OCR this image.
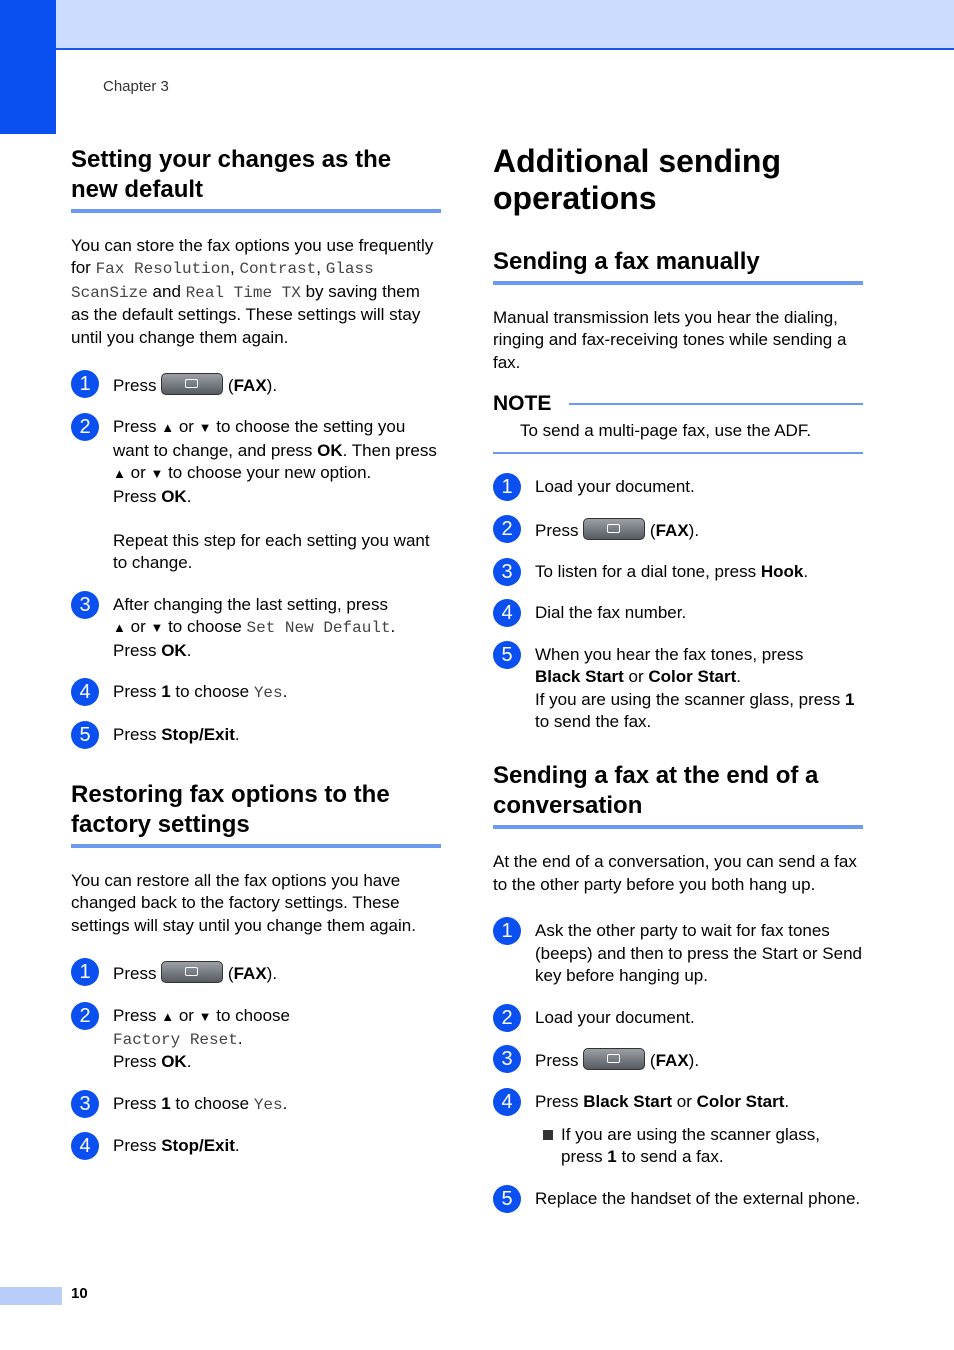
Chapter 3
Setting your changes as the new default
You can store the fax options you use frequently for Fax Resolution, Contrast, Glass ScanSize and Real Time TX by saving them as the default settings. These settings will stay until you change them again.
1	Press	(FAX).
2	Press ▲ or ▼ to choose the setting you want to change, and press OK. Then press ▲ or ▼ to choose your new option.
Press OK.
Repeat this step for each setting you want to change.
3	After changing the last setting, press
▲ or ▼ to choose Set New Default.
Press OK.
4	Press 1 to choose Yes.
5	Press Stop/Exit.
Restoring fax options to the factory settings
You can restore all the fax options you have changed back to the factory settings. These settings will stay until you change them again.
1	Press	(FAX).
2	Press ▲ or ▼ to choose
Factory Reset.
Press OK.
3	Press 1 to choose Yes.
4	Press Stop/Exit.
Additional sending operations
Sending a fax manually
Manual transmission lets you hear the dialing, ringing and fax-receiving tones while sending a fax.
NOTE
To send a multi-page fax, use the ADF.
1	Load your document.
2	Press	(FAX).
3	To listen for a dial tone, press Hook.
4	Dial the fax number.
5	When you hear the fax tones, press
Black Start or Color Start.
If you are using the scanner glass, press 1 to send the fax.
Sending a fax at the end of a conversation
At the end of a conversation, you can send a fax to the other party before you both hang up.
1	Ask the other party to wait for fax tones (beeps) and then to press the Start or Send key before hanging up.
2	Load your document.
3	Press	(FAX).
4	Press Black Start or Color Start.
If you are using the scanner glass, press 1 to send a fax.
5	Replace the handset of the external phone.
10
